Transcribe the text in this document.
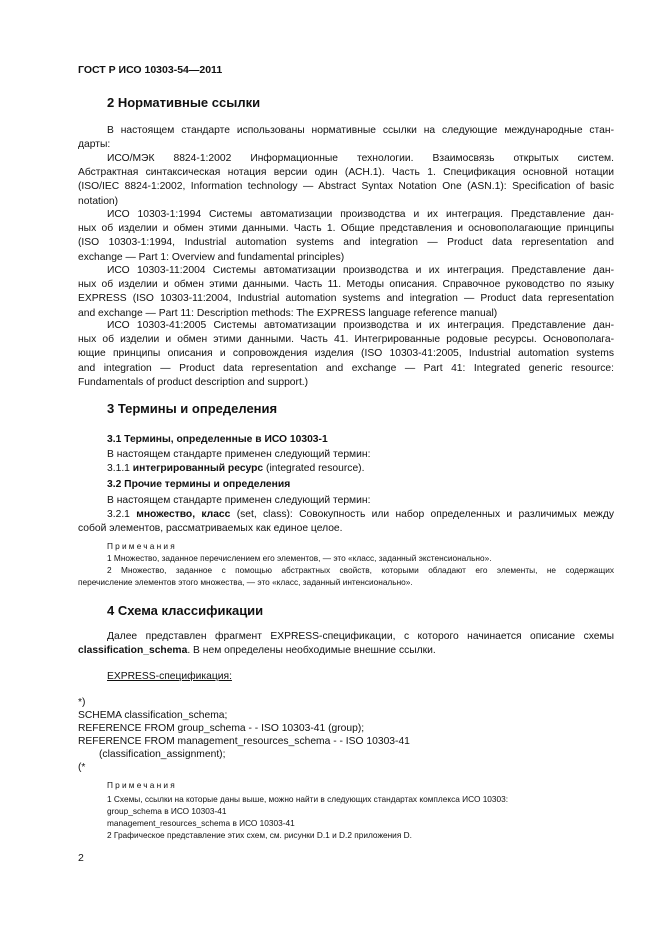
ГОСТ Р ИСО 10303-54—2011
2 Нормативные ссылки
В настоящем стандарте использованы нормативные ссылки на следующие международные стан-
дарты:
ИСО/МЭК 8824-1:2002 Информационные технологии. Взаимосвязь открытых систем.
Абстрактная синтаксическая нотация версии один (АСН.1). Часть 1. Спецификация основной нотации
(ISO/IEC 8824-1:2002, Information technology — Abstract Syntax Notation One (ASN.1): Specification of basic
notation)
ИСО 10303-1:1994 Системы автоматизации производства и их интеграция. Представление дан-
ных об изделии и обмен этими данными. Часть 1. Общие представления и основополагающие принципы
(ISO 10303-1:1994, Industrial automation systems and integration — Product data representation and
exchange — Part 1: Overview and fundamental principles)
ИСО 10303-11:2004 Системы автоматизации производства и их интеграция. Представление дан-
ных об изделии и обмен этими данными. Часть 11. Методы описания. Справочное руководство по языку
EXPRESS (ISO 10303-11:2004, Industrial automation systems and integration — Product data representation
and exchange — Part 11: Description methods: The EXPRESS language reference manual)
ИСО 10303-41:2005 Системы автоматизации производства и их интеграция. Представление дан-
ных об изделии и обмен этими данными. Часть 41. Интегрированные родовые ресурсы. Основополага-
ющие принципы описания и сопровождения изделия (ISO 10303-41:2005, Industrial automation systems
and integration — Product data representation and exchange — Part 41: Integrated generic resource:
Fundamentals of product description and support.)
3 Термины и определения
3.1 Термины, определенные в ИСО 10303-1
В настоящем стандарте применен следующий термин:
3.1.1 интегрированный ресурс (integrated resource).
3.2 Прочие термины и определения
В настоящем стандарте применен следующий термин:
3.2.1 множество, класс (set, class): Совокупность или набор определенных и различимых между
собой элементов, рассматриваемых как единое целое.
Примечания
1 Множество, заданное перечислением его элементов, — это «класс, заданный экстенсионально».
2 Множество, заданное с помощью абстрактных свойств, которыми обладают его элементы, не содержащих
перечисление элементов этого множества, — это «класс, заданный интенсионально».
4 Схема классификации
Далее представлен фрагмент EXPRESS-спецификации, с которого начинается описание схемы
classification_schema. В нем определены необходимые внешние ссылки.
EXPRESS-спецификация:
*)
SCHEMA classification_schema;
REFERENCE FROM group_schema - - ISO 10303-41 (group);
REFERENCE FROM management_resources_schema - - ISO 10303-41
(classification_assignment);
(*
Примечания
1 Схемы, ссылки на которые даны выше, можно найти в следующих стандартах комплекса ИСО 10303:
group_schema в ИСО 10303-41
management_resources_schema в ИСО 10303-41
2 Графическое представление этих схем, см. рисунки D.1 и D.2 приложения D.
2
